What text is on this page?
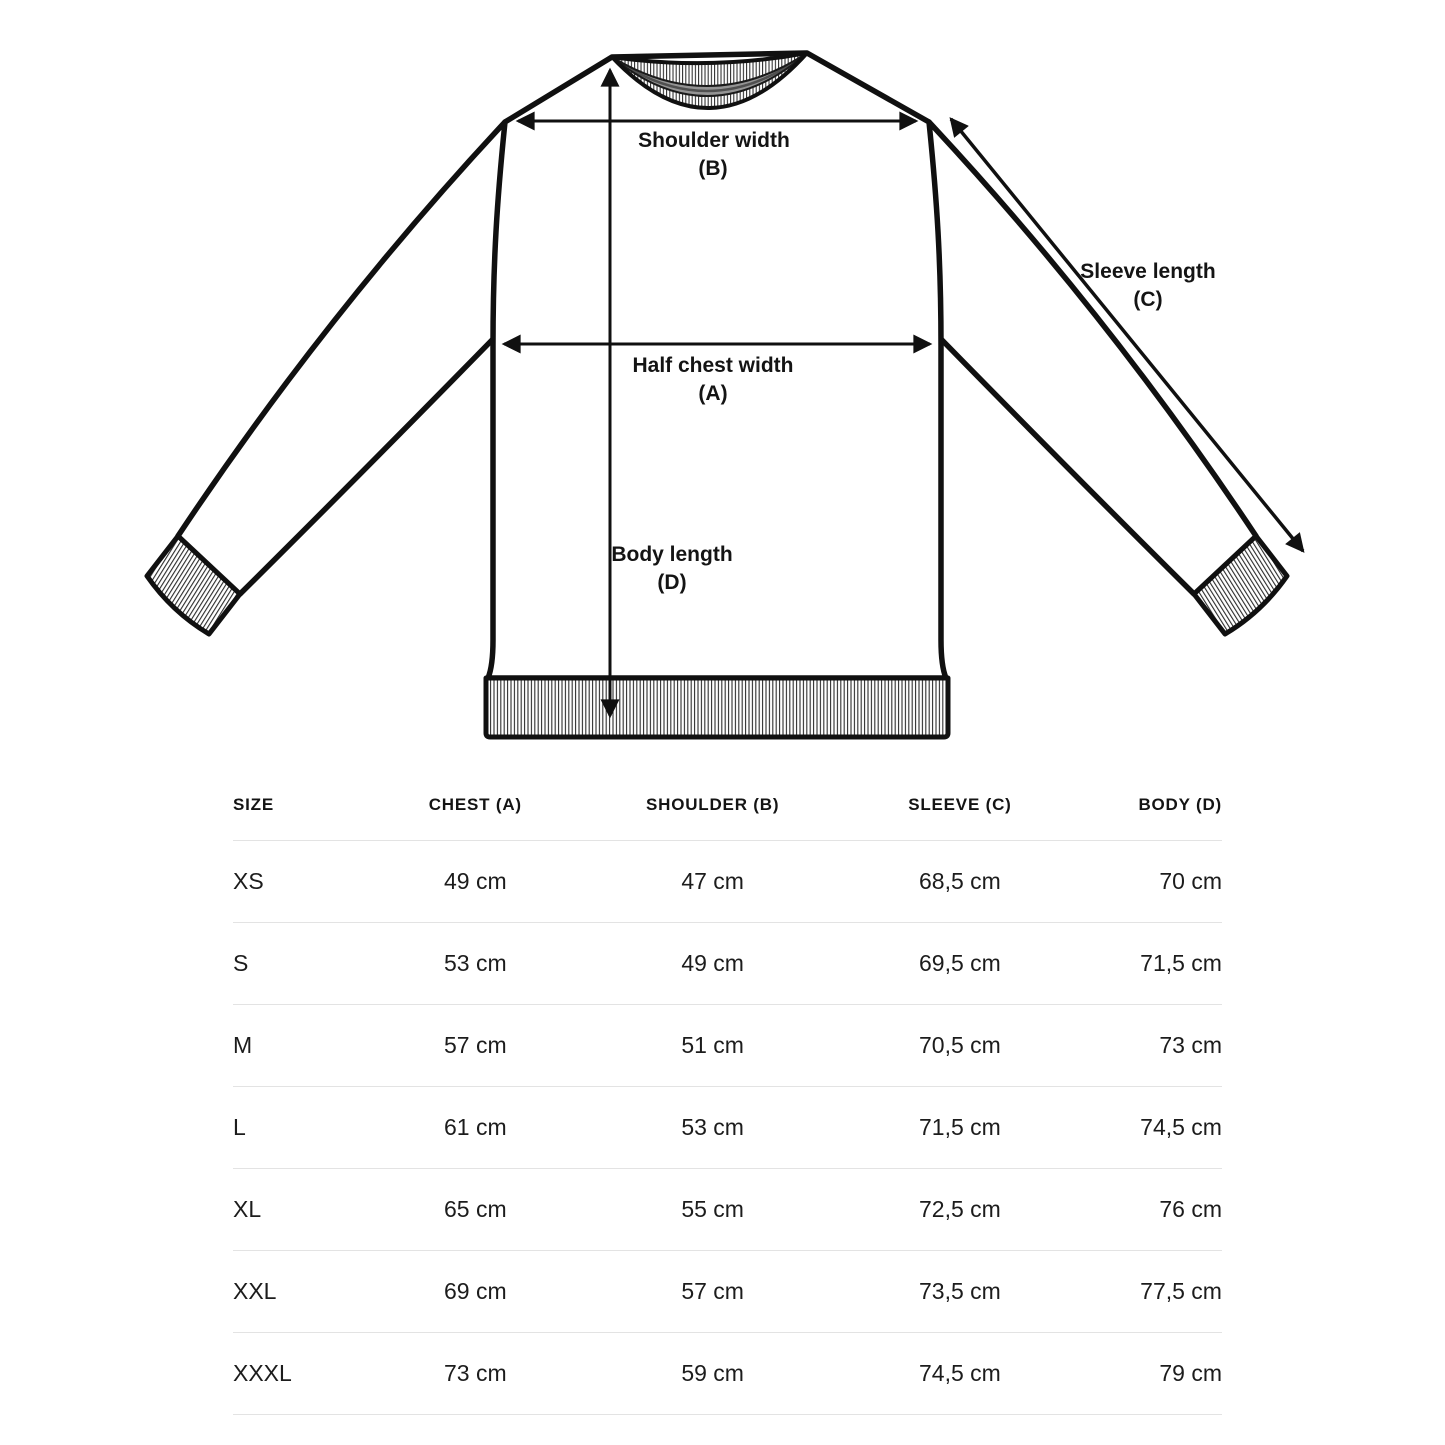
Shoulder width
(B)
Half chest width
(A)
Body length
(D)
Sleeve length
(C)
SIZE	CHEST (A)	SHOULDER (B)	SLEEVE (C)	BODY (D)
XS	49 cm	47 cm	68,5 cm	70 cm
S	53 cm	49 cm	69,5 cm	71,5 cm
M	57 cm	51 cm	70,5 cm	73 cm
L	61 cm	53 cm	71,5 cm	74,5 cm
XL	65 cm	55 cm	72,5 cm	76 cm
XXL	69 cm	57 cm	73,5 cm	77,5 cm
XXXL	73 cm	59 cm	74,5 cm	79 cm
